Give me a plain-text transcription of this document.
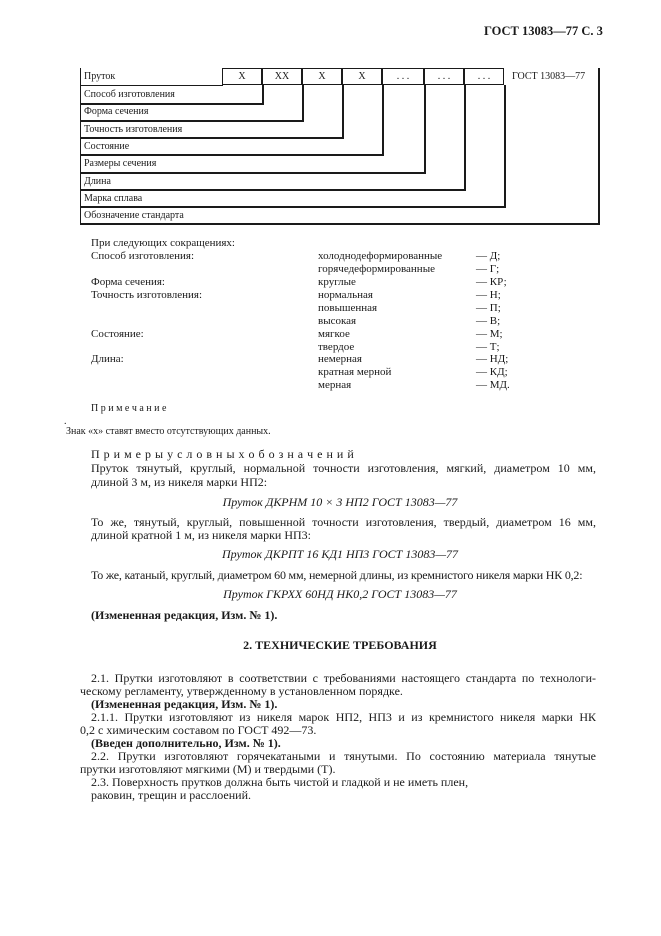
ГОСТ 13083—77 С. 3
X	XX	X	X	. . .	. . .	. . .	ГОСТ 13083—77
Пруток
Способ изготовления
Форма сечения
Точность изготовления
Состояние
Размеры сечения
Длина
Марка сплава
Обозначение стандарта
При следующих сокращениях:
Способ изготовления:	холоднодеформированные	— Д;
горячедеформированные	— Г;
Форма сечения:	круглые	— КР;
Точность изготовления:	нормальная	— Н;
повышенная	— П;
высокая	— В;
Состояние:	мягкое	— М;
твердое	— Т;
Длина:	немерная	— НД;
кратная мерной	— КД;
мерная	— МД.
П р и м е ч а н и е
.
Знак «х» ставят вместо отсутствующих данных.
П р и м е р ы у с л о в н ы х о б о з н а ч е н и й
Пруток тянутый, круглый, нормальной точности изготовления, мягкий, диаметром 10 мм,
длиной 3 м, из никеля марки НП2:
Пруток ДКРНМ 10 × 3 НП2 ГОСТ 13083—77
То же, тянутый, круглый, повышенной точности изготовления, твердый, диаметром 16 мм,
длиной кратной 1 м, из никеля марки НП3:
Пруток ДКРПТ 16 КД1 НП3 ГОСТ 13083—77
То же, катаный, круглый, диаметром 60 мм, немерной длины, из кремнистого никеля марки НК 0,2:
Пруток ГКРХХ 60НД НК0,2 ГОСТ 13083—77
(Измененная редакция, Изм. № 1).
2. ТЕХНИЧЕСКИЕ ТРЕБОВАНИЯ
2.1. Прутки изготовляют в соответствии с требованиями настоящего стандарта по технологи-
ческому регламенту, утвержденному в установленном порядке.
(Измененная редакция, Изм. № 1).
2.1.1. Прутки изготовляют из никеля марок НП2, НП3 и из кремнистого никеля марки НК
0,2 с химическим составом по ГОСТ 492—73.
(Введен дополнительно, Изм. № 1).
2.2. Прутки изготовляют горячекатаными и тянутыми. По состоянию материала тянутые
прутки изготовляют мягкими (М) и твердыми (Т).
2.3. Поверхность прутков должна быть чистой и гладкой и не иметь плен,
раковин, трещин и расслоений.
